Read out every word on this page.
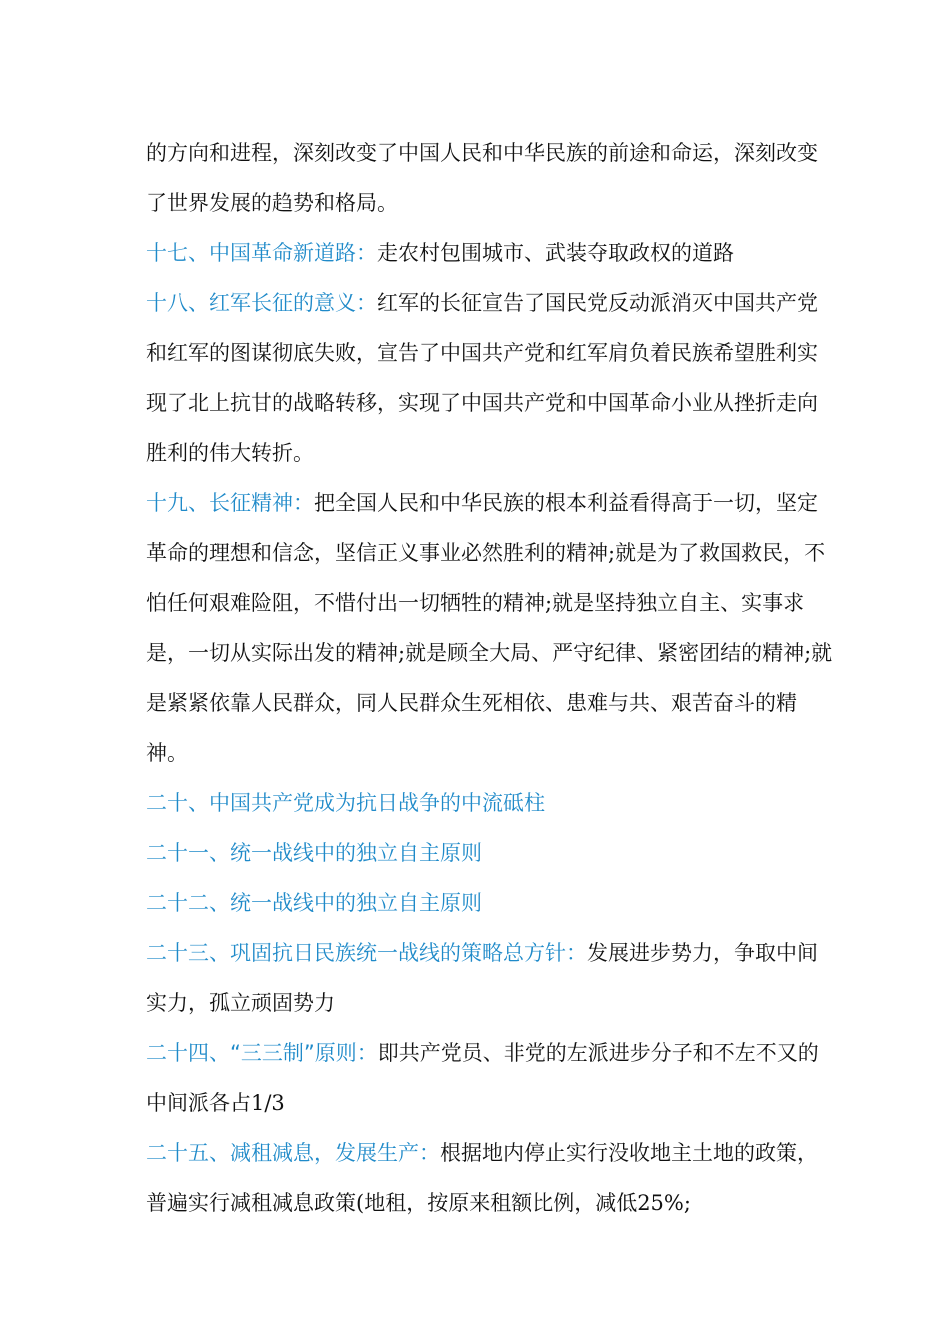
的方向和进程，深刻改变了中国人民和中华民族的前途和命运，深刻改变了世界发展的趋势和格局。

十七、中国革命新道路：走农村包围城市、武装夺取政权的道路

十八、红军长征的意义：红军的长征宣告了国民党反动派消灭中国共产党和红军的图谋彻底失败，宣告了中国共产党和红军肩负着民族希望胜利实现了北上抗甘的战略转移，实现了中国共产党和中国革命小业从挫折走向胜利的伟大转折。

十九、长征精神：把全国人民和中华民族的根本利益看得高于一切，坚定革命的理想和信念，坚信正义事业必然胜利的精神;就是为了救国救民，不怕任何艰难险阻，不惜付出一切牺牲的精神;就是坚持独立自主、实事求是，一切从实际出发的精神;就是顾全大局、严守纪律、紧密团结的精神;就是紧紧依靠人民群众，同人民群众生死相依、患难与共、艰苦奋斗的精神。

二十、中国共产党成为抗日战争的中流砥柱

二十一、统一战线中的独立自主原则

二十二、统一战线中的独立自主原则

二十三、巩固抗日民族统一战线的策略总方针：发展进步势力，争取中间实力，孤立顽固势力

二十四、“三三制”原则：即共产党员、非党的左派进步分子和不左不又的中间派各占1/3

二十五、减租减息，发展生产：根据地内停止实行没收地主土地的政策，普遍实行减租减息政策(地租，按原来租额比例，减低25%;
